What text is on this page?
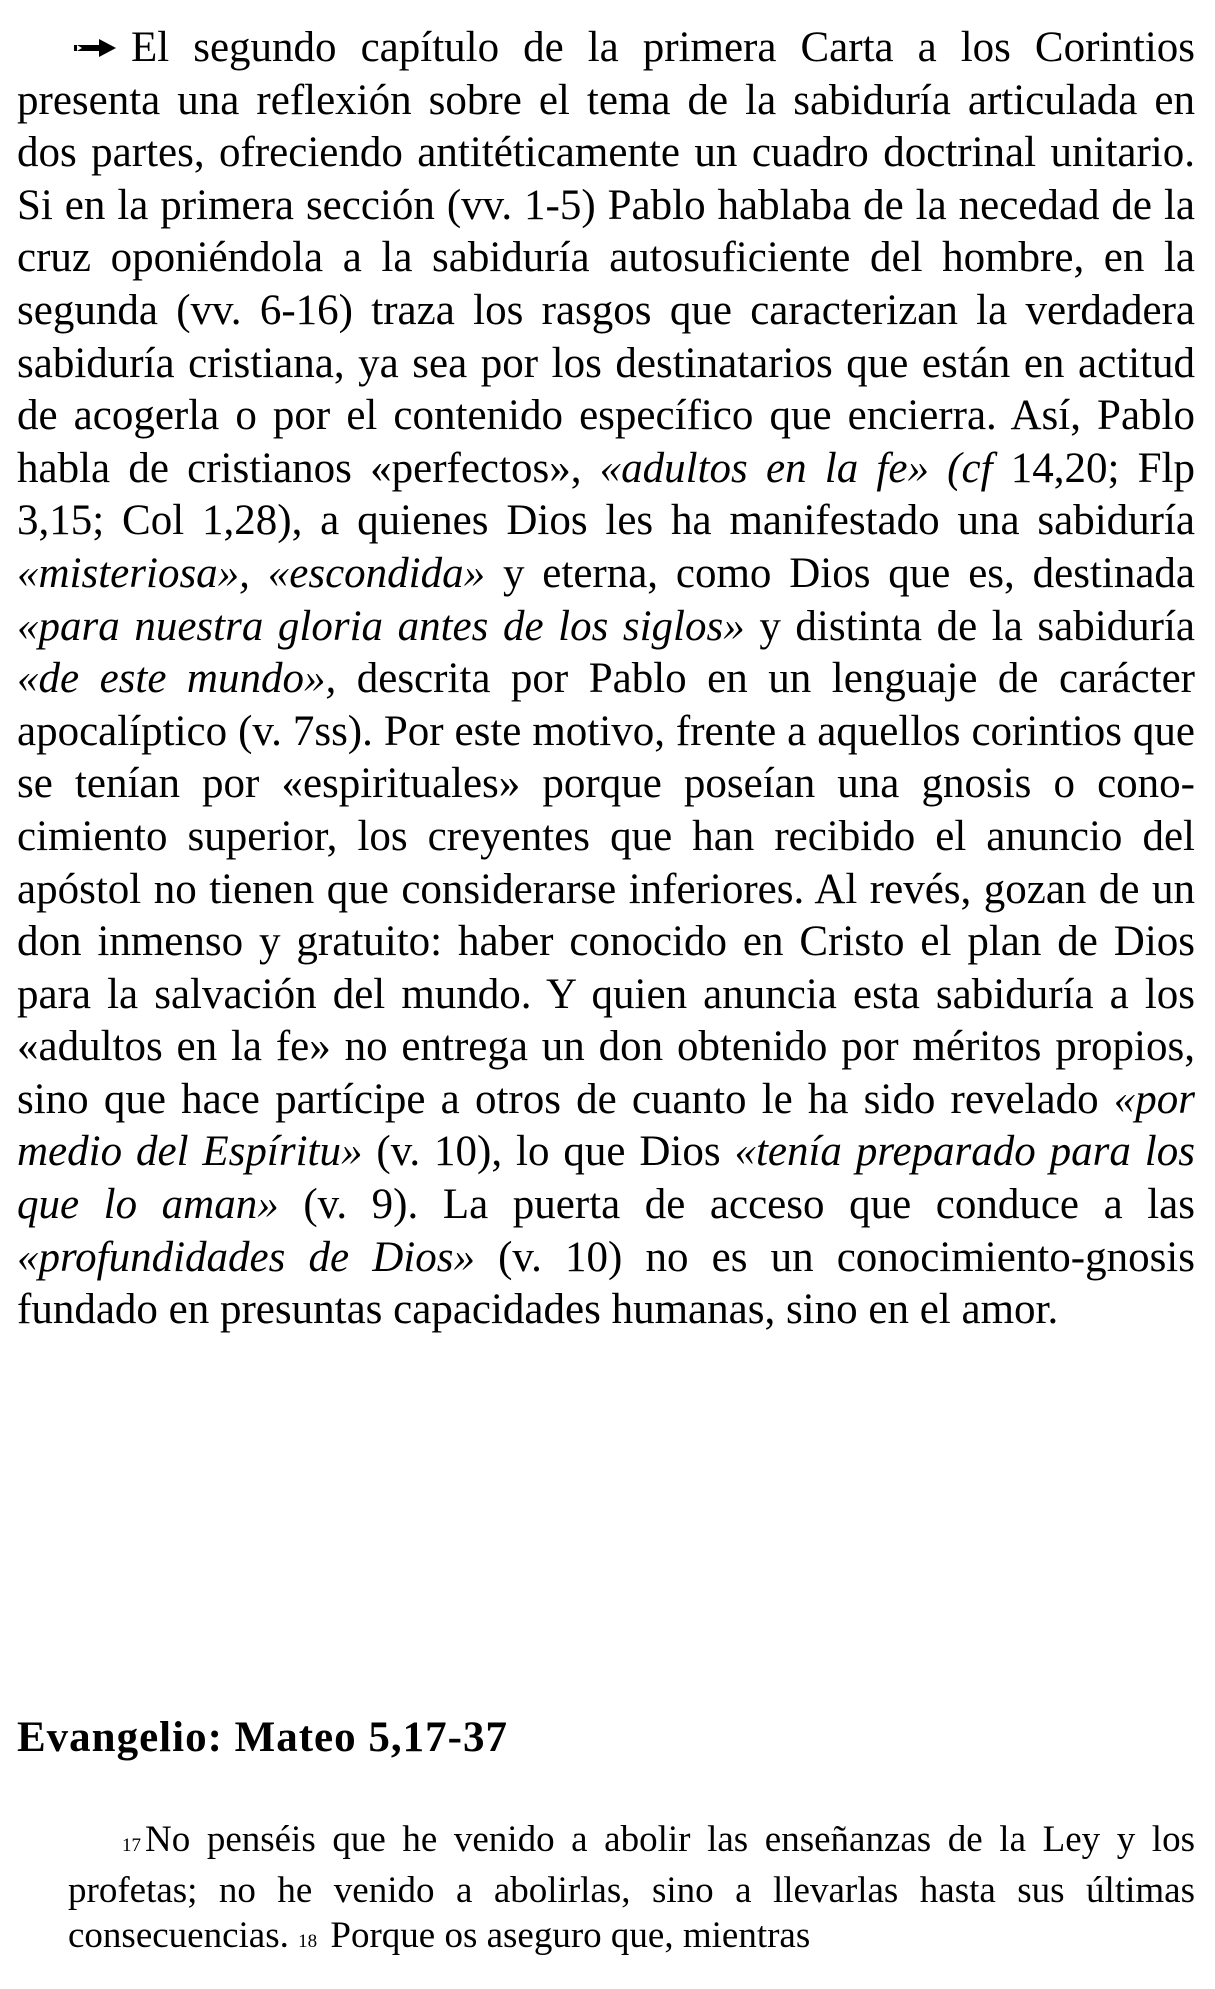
El segundo capítulo de la primera Carta a los Corintios presenta una reflexión sobre el tema de la sabiduría articulada en dos partes, ofreciendo antitéticamente un cuadro doctrinal unitario. Si en la primera sección (vv. 1-5) Pablo hablaba de la necedad de la cruz oponiéndola a la sabiduría autosuficiente del hombre, en la segunda (vv. 6-16) traza los rasgos que caracterizan la verdadera sabiduría cristiana, ya sea por los destinatarios que están en actitud de acogerla o por el contenido específico que encierra. Así, Pablo habla de cristianos «perfectos», «adultos en la fe» (cf 14,20; Flp 3,15; Col 1,28), a quienes Dios les ha manifestado una sabiduría «misteriosa», «escondida» y eterna, como Dios que es, destinada «para nuestra gloria antes de los siglos» y distinta de la sabiduría «de este mundo», descrita por Pablo en un lenguaje de carácter apocalíptico (v. 7ss). Por este motivo, frente a aquellos corintios que se tenían por «espirituales» porque poseían una gnosis o conocimiento superior, los creyentes que han recibido el anuncio del apóstol no tienen que considerarse inferiores. Al revés, gozan de un don inmenso y gratuito: haber conocido en Cristo el plan de Dios para la salvación del mundo. Y quien anuncia esta sabiduría a los «adultos en la fe» no entrega un don obtenido por méritos propios, sino que hace partícipe a otros de cuanto le ha sido revelado «por medio del Espíritu» (v. 10), lo que Dios «tenía preparado para los que lo aman» (v. 9). La puerta de acceso que conduce a las «profundidades de Dios» (v. 10) no es un conocimiento-gnosis fundado en presuntas capacidades humanas, sino en el amor.

Evangelio: Mateo 5,17-37

17 No penséis que he venido a abolir las enseñanzas de la Ley y los profetas; no he venido a abolirlas, sino a llevarlas hasta sus últimas consecuencias. 18 Porque os aseguro que, mientras
